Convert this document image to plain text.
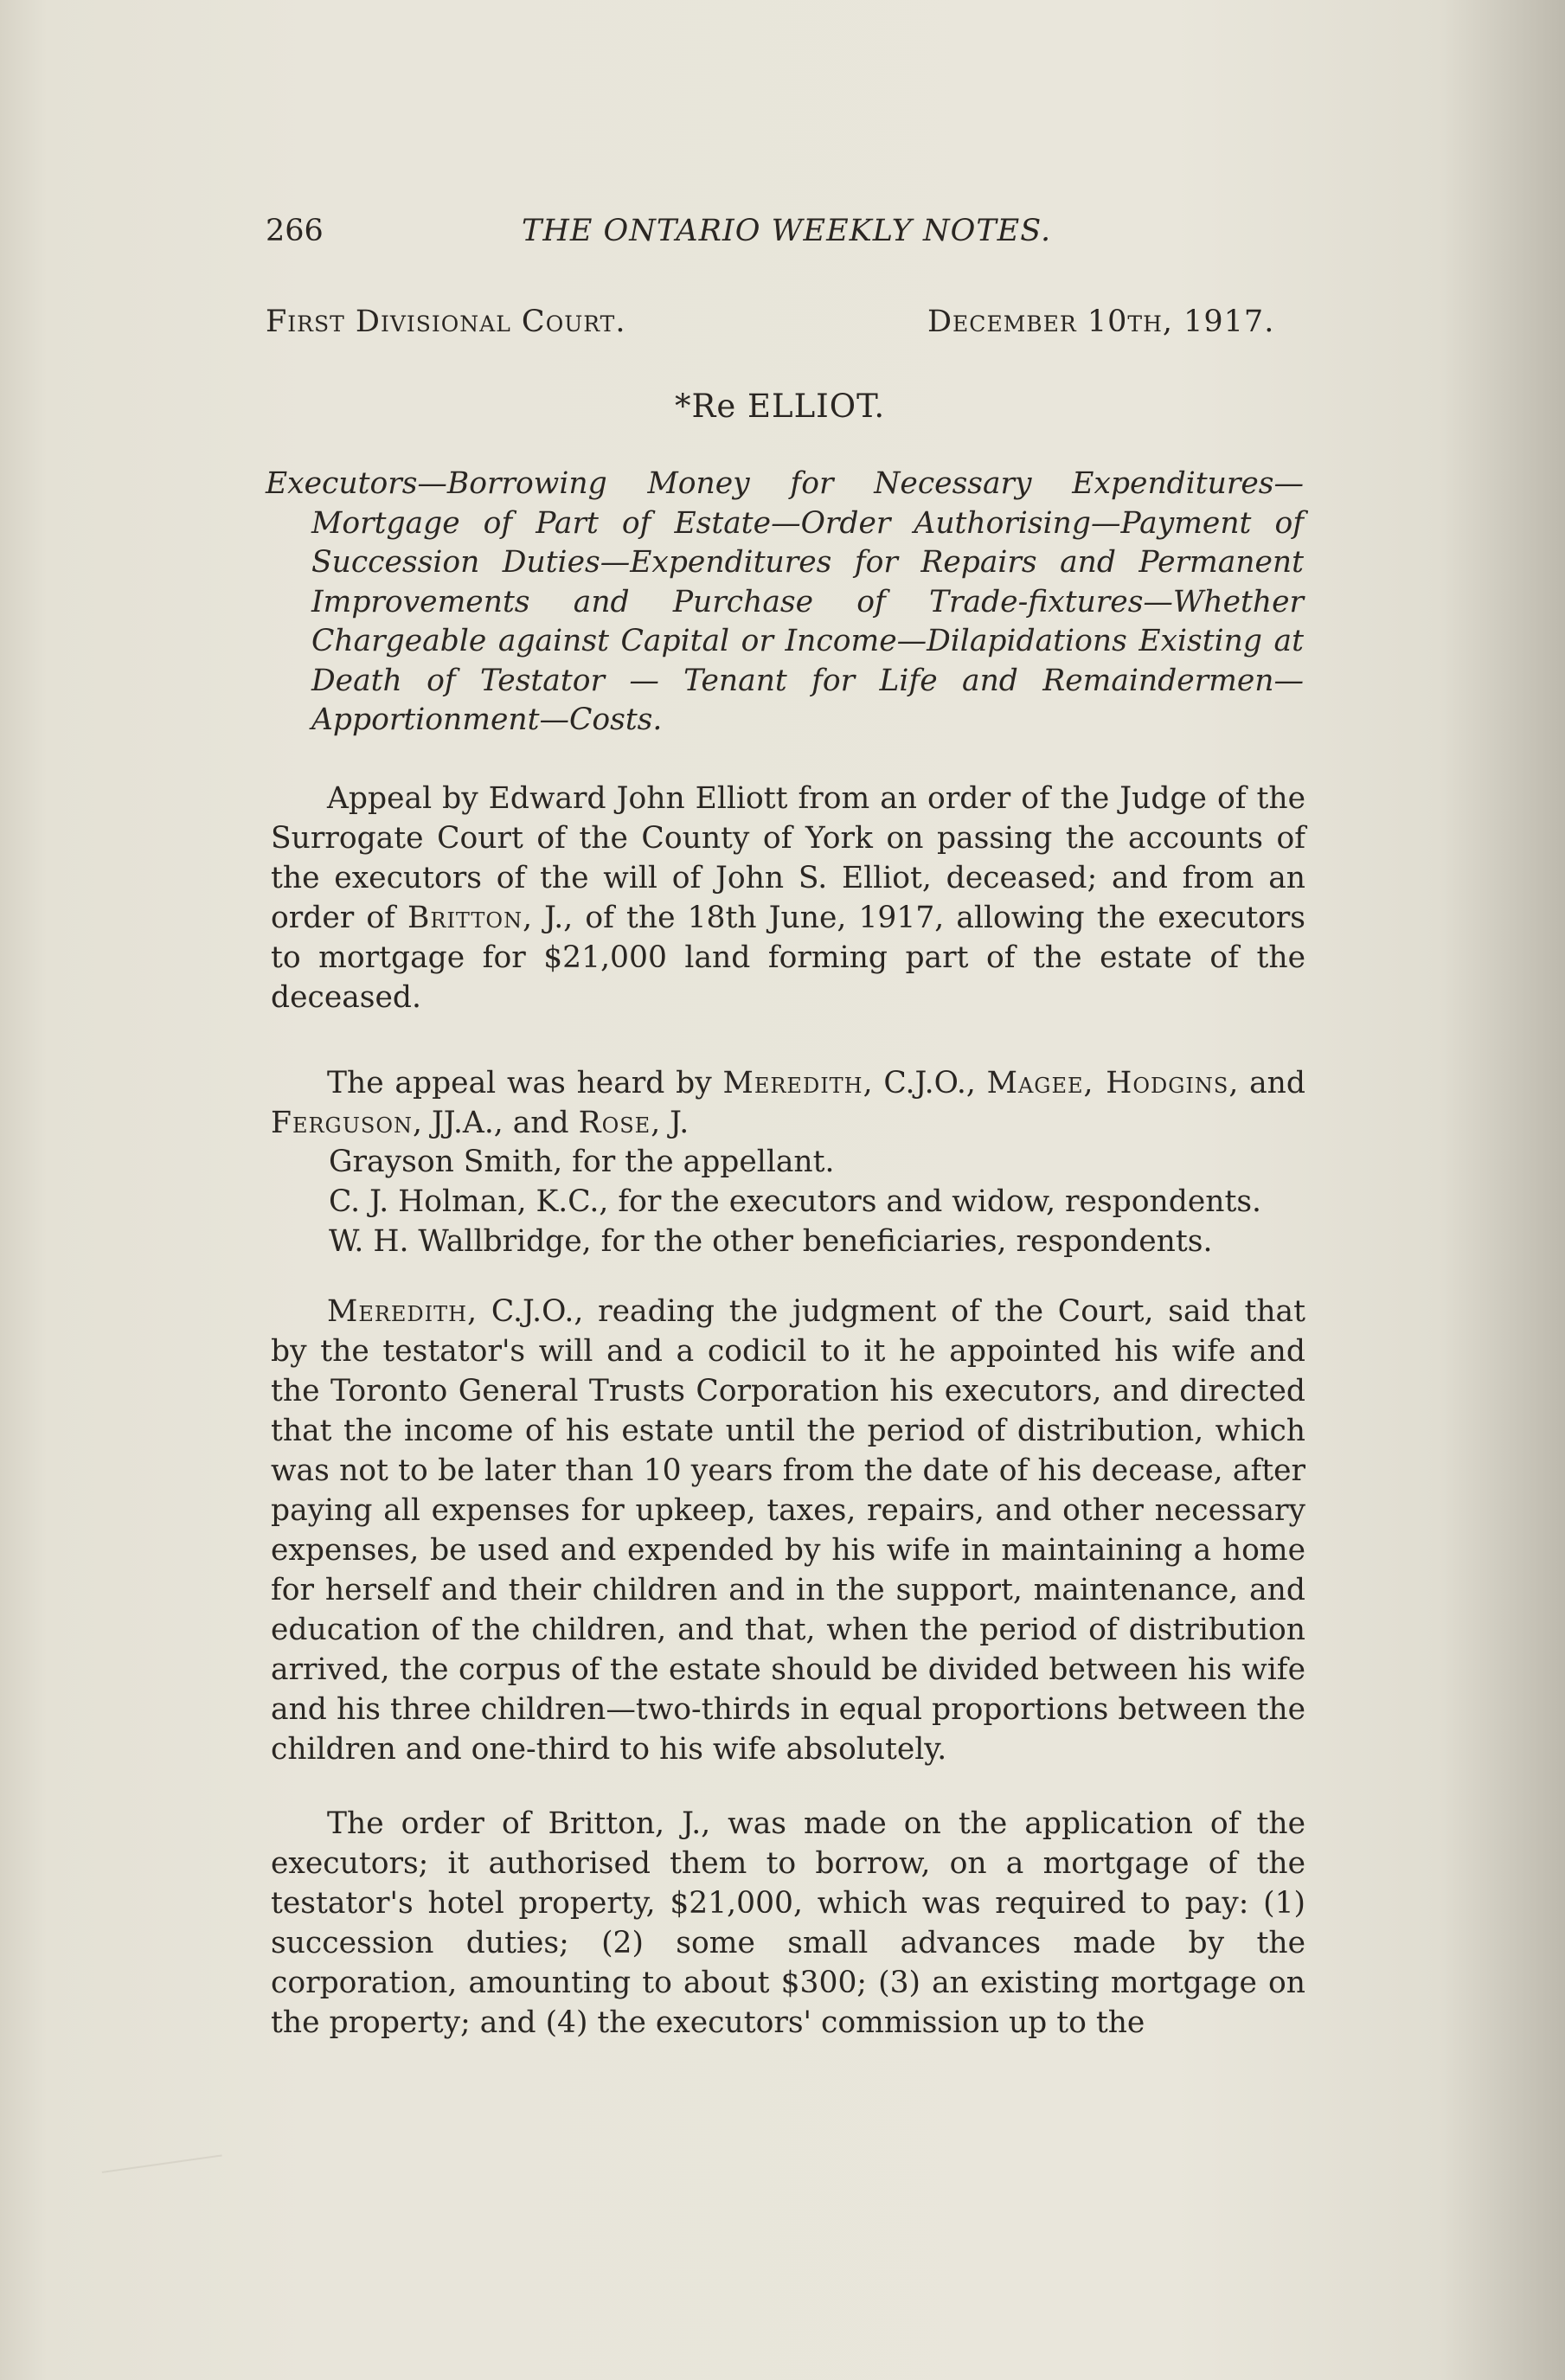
266	THE ONTARIO WEEKLY NOTES.
First Divisional Court.	December 10th, 1917.
*Re ELLIOT.
Executors—Borrowing Money for Necessary Expenditures—Mortgage of Part of Estate—Order Authorising—Payment of Succession Duties—Expenditures for Repairs and Permanent Improvements and Purchase of Trade-fixtures—Whether Chargeable against Capital or Income—Dilapidations Existing at Death of Testator — Tenant for Life and Remaindermen—Apportionment—Costs.
Appeal by Edward John Elliott from an order of the Judge of the Surrogate Court of the County of York on passing the accounts of the executors of the will of John S. Elliot, deceased; and from an order of Britton, J., of the 18th June, 1917, allowing the executors to mortgage for $21,000 land forming part of the estate of the deceased.
The appeal was heard by Meredith, C.J.O., Magee, Hodgins, and Ferguson, JJ.A., and Rose, J.
Grayson Smith, for the appellant.
C. J. Holman, K.C., for the executors and widow, respondents.
W. H. Wallbridge, for the other beneficiaries, respondents.
Meredith, C.J.O., reading the judgment of the Court, said that by the testator's will and a codicil to it he appointed his wife and the Toronto General Trusts Corporation his executors, and directed that the income of his estate until the period of distribution, which was not to be later than 10 years from the date of his decease, after paying all expenses for upkeep, taxes, repairs, and other necessary expenses, be used and expended by his wife in maintaining a home for herself and their children and in the support, maintenance, and education of the children, and that, when the period of distribution arrived, the corpus of the estate should be divided between his wife and his three children—two-thirds in equal proportions between the children and one-third to his wife absolutely.
The order of Britton, J., was made on the application of the executors; it authorised them to borrow, on a mortgage of the testator's hotel property, $21,000, which was required to pay: (1) succession duties; (2) some small advances made by the corporation, amounting to about $300; (3) an existing mortgage on the property; and (4) the executors' commission up to the
